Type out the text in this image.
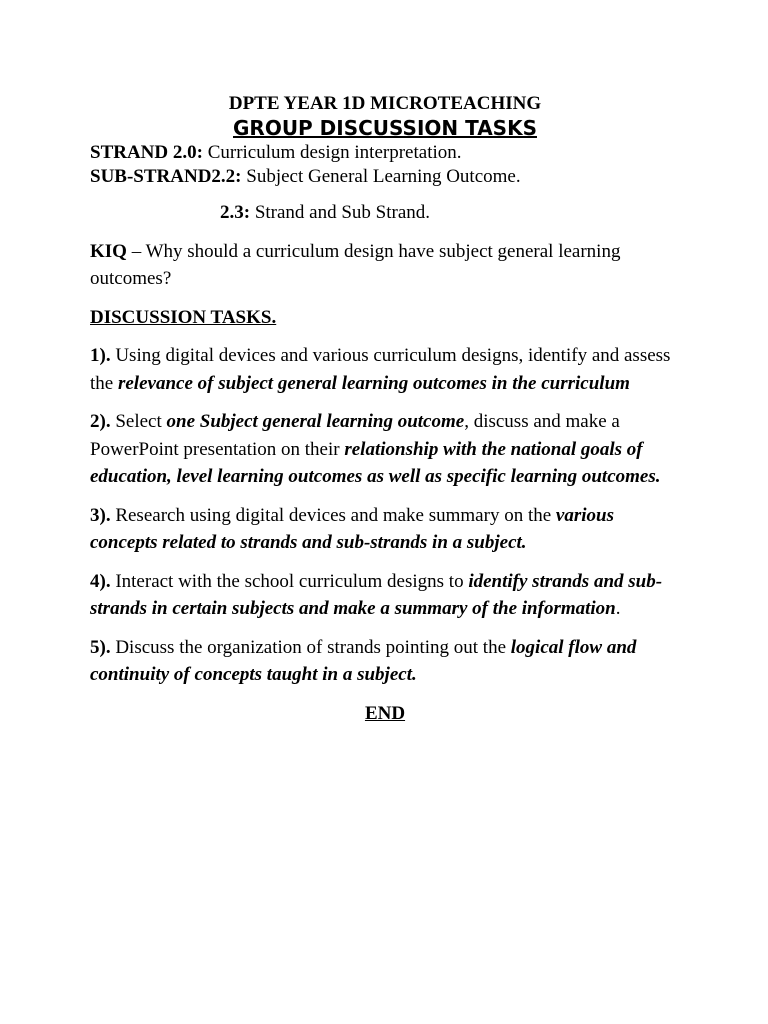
DPTE YEAR 1D MICROTEACHING

GROUP DISCUSSION TASKS

STRAND 2.0: Curriculum design interpretation.

SUB-STRAND2.2: Subject General Learning Outcome.

2.3: Strand and Sub Strand.

KIQ – Why should a curriculum design have subject general learning outcomes?

DISCUSSION TASKS.

1). Using digital devices and various curriculum designs, identify and assess the relevance of subject general learning outcomes in the curriculum

2). Select one Subject general learning outcome, discuss and make a PowerPoint presentation on their relationship with the national goals of education, level learning outcomes as well as specific learning outcomes.

3). Research using digital devices and make summary on the various concepts related to strands and sub-strands in a subject.

4). Interact with the school curriculum designs to identify strands and sub-strands in certain subjects and make a summary of the information.

5). Discuss the organization of strands pointing out the logical flow and continuity of concepts taught in a subject.

END
